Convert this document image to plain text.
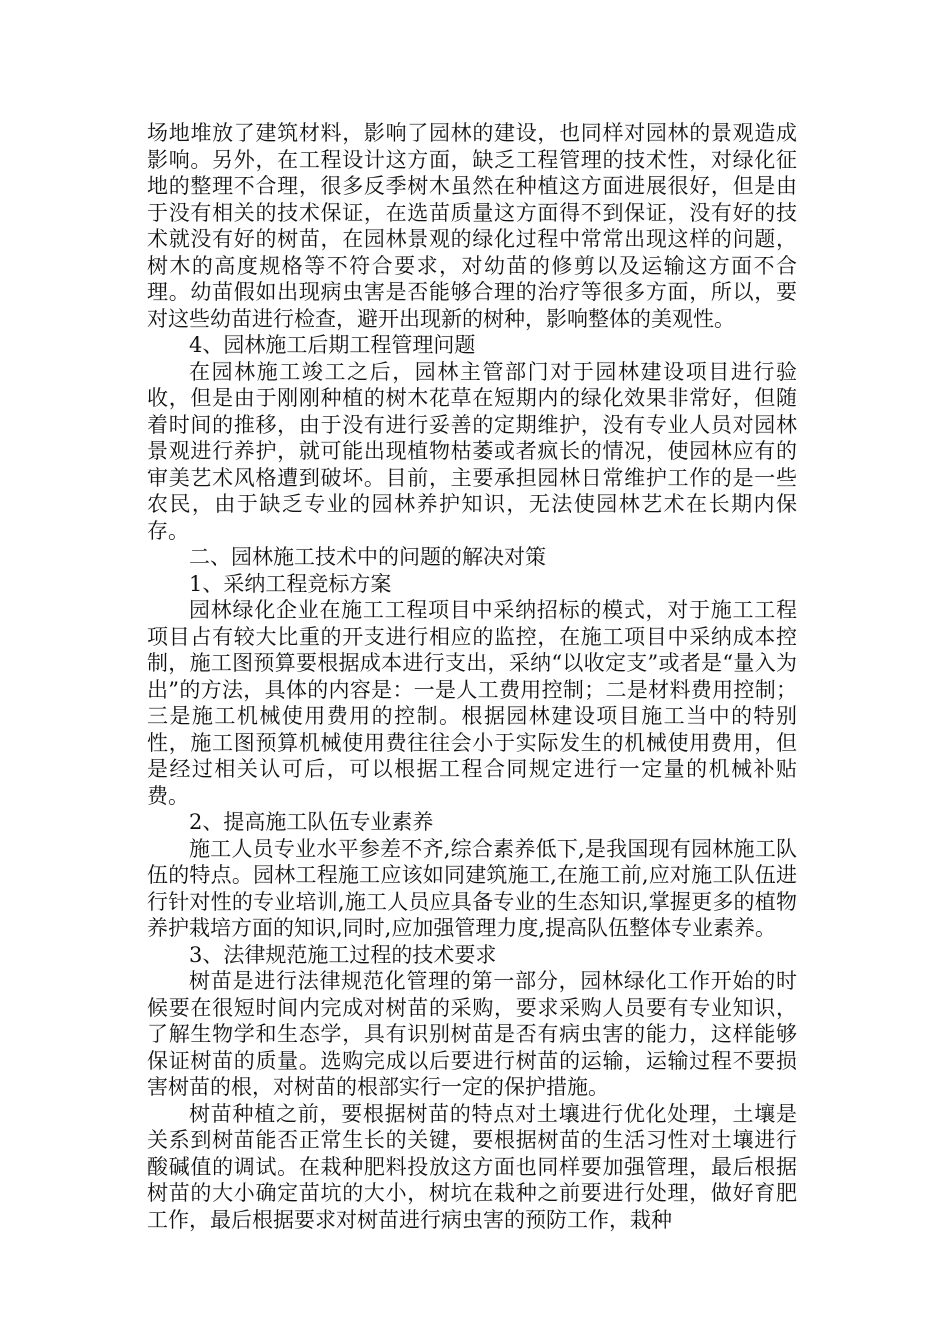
场地堆放了建筑材料，影响了园林的建设，也同样对园林的景观造成影响。另外，在工程设计这方面，缺乏工程管理的技术性，对绿化征地的整理不合理，很多反季树木虽然在种植这方面进展很好，但是由于没有相关的技术保证，在选苗质量这方面得不到保证，没有好的技术就没有好的树苗，在园林景观的绿化过程中常常出现这样的问题，树木的高度规格等不符合要求，对幼苗的修剪以及运输这方面不合理。幼苗假如出现病虫害是否能够合理的治疗等很多方面，所以，要对这些幼苗进行检查，避开出现新的树种，影响整体的美观性。

4、园林施工后期工程管理问题

在园林施工竣工之后，园林主管部门对于园林建设项目进行验收，但是由于刚刚种植的树木花草在短期内的绿化效果非常好，但随着时间的推移，由于没有进行妥善的定期维护，没有专业人员对园林景观进行养护，就可能出现植物枯萎或者疯长的情况，使园林应有的审美艺术风格遭到破坏。目前，主要承担园林日常维护工作的是一些农民，由于缺乏专业的园林养护知识，无法使园林艺术在长期内保存。

二、园林施工技术中的问题的解决对策

1、采纳工程竞标方案

园林绿化企业在施工工程项目中采纳招标的模式，对于施工工程项目占有较大比重的开支进行相应的监控，在施工项目中采纳成本控制，施工图预算要根据成本进行支出，采纳“以收定支”或者是“量入为出”的方法，具体的内容是：一是人工费用控制；二是材料费用控制；三是施工机械使用费用的控制。根据园林建设项目施工当中的特别性，施工图预算机械使用费往往会小于实际发生的机械使用费用，但是经过相关认可后，可以根据工程合同规定进行一定量的机械补贴费。

2、提高施工队伍专业素养

施工人员专业水平参差不齐,综合素养低下,是我国现有园林施工队伍的特点。园林工程施工应该如同建筑施工,在施工前,应对施工队伍进行针对性的专业培训,施工人员应具备专业的生态知识,掌握更多的植物养护栽培方面的知识,同时,应加强管理力度,提高队伍整体专业素养。

3、法律规范施工过程的技术要求

树苗是进行法律规范化管理的第一部分，园林绿化工作开始的时候要在很短时间内完成对树苗的采购，要求采购人员要有专业知识，了解生物学和生态学，具有识别树苗是否有病虫害的能力，这样能够保证树苗的质量。选购完成以后要进行树苗的运输，运输过程不要损害树苗的根，对树苗的根部实行一定的保护措施。

树苗种植之前，要根据树苗的特点对土壤进行优化处理，土壤是关系到树苗能否正常生长的关键，要根据树苗的生活习性对土壤进行酸碱值的调试。在栽种肥料投放这方面也同样要加强管理，最后根据树苗的大小确定苗坑的大小，树坑在栽种之前要进行处理，做好育肥工作，最后根据要求对树苗进行病虫害的预防工作，栽种
